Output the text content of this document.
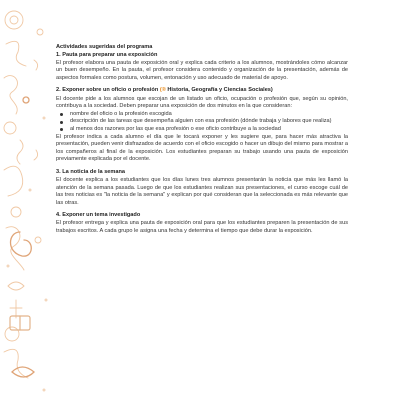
Actividades sugeridas del programa

1. Pauta para preparar una exposición

El profesor elabora una pauta de exposición oral y explica cada criterio a los alumnos, mostrándoles cómo alcanzar un buen desempeño. En la pauta, el profesor considera contenido y organización de la presentación, además de aspectos formales como postura, volumen, entonación y uso adecuado de material de apoyo.

2. Exponer sobre un oficio o profesión (® Historia, Geografía y Ciencias Sociales)

El docente pide a los alumnos que escojan de un listado un oficio, ocupación o profesión que, según su opinión, contribuya a la sociedad. Deben preparar una exposición de dos minutos en la que consideran:

nombre del oficio o la profesión escogida
descripción de las tareas que desempeña alguien con esa profesión (dónde trabaja y labores que realiza)
al menos dos razones por las que esa profesión o ese oficio contribuye a la sociedad

El profesor indica a cada alumno el día que le tocará exponer y les sugiere que, para hacer más atractiva la presentación, pueden venir disfrazados de acuerdo con el oficio escogido o hacer un dibujo del mismo para mostrar a los compañeros al final de la exposición. Los estudiantes preparan su trabajo usando una pauta de exposición previamente explicada por el docente.

3. La noticia de la semana

El docente explica a los estudiantes que los días lunes tres alumnos presentarán la noticia que más les llamó la atención de la semana pasada. Luego de que los estudiantes realizan sus presentaciones, el curso escoge cuál de las tres noticias es "la noticia de la semana" y explican por qué consideran que la seleccionada es más relevante que las otras.

4. Exponer un tema investigado

El profesor entrega y explica una pauta de exposición oral para que los estudiantes preparen la presentación de sus trabajos escritos. A cada grupo le asigna una fecha y determina el tiempo que debe durar la exposición.
